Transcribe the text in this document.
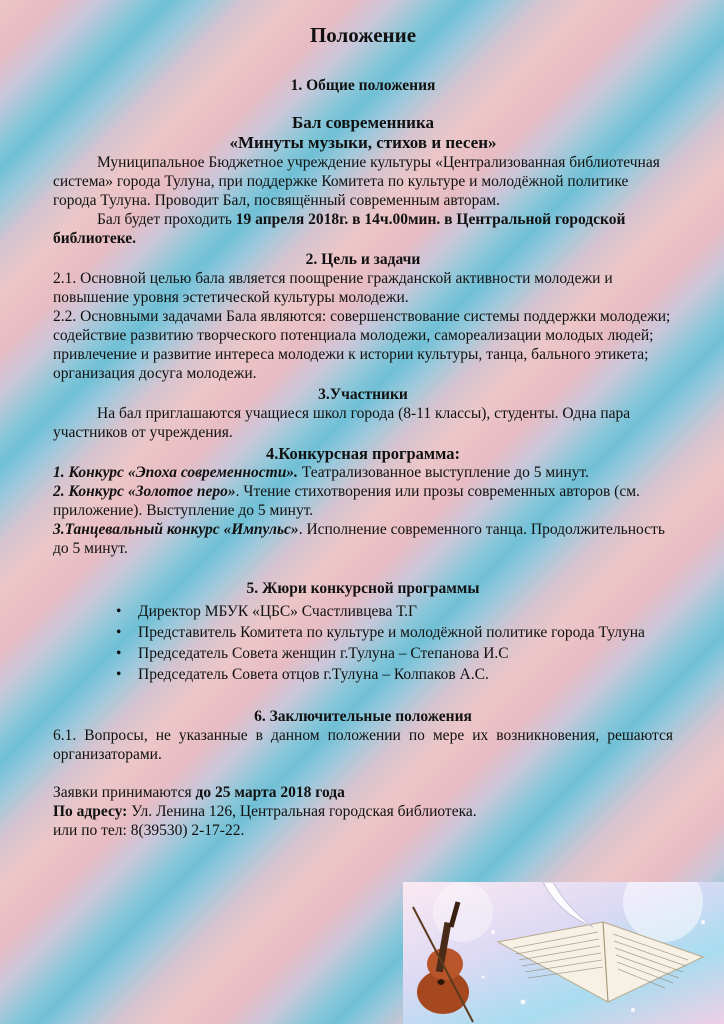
Положение
1. Общие положения
Бал современника
«Минуты музыки, стихов и песен»

Муниципальное Бюджетное учреждение культуры «Централизованная библиотечная система» города Тулуна, при поддержке Комитета по культуре и молодёжной политике города Тулуна. Проводит Бал, посвящённый современным авторам.

Бал будет проходить 19 апреля 2018г. в 14ч.00мин. в Центральной городской библиотеке.

2. Цель и задачи

2.1. Основной целью бала является поощрение гражданской активности молодежи и повышение уровня эстетической культуры молодежи.

2.2. Основными задачами Бала являются: совершенствование системы поддержки молодежи; содействие развитию творческого потенциала молодежи, самореализации молодых людей; привлечение и развитие интереса молодежи к истории культуры, танца, бального этикета; организация досуга молодежи.

3.Участники

На бал приглашаются учащиеся школ города (8-11 классы), студенты. Одна пара участников от учреждения.

4.Конкурсная программа:

1. Конкурс «Эпоха современности». Театрализованное выступление до 5 минут.

2. Конкурс «Золотое перо». Чтение стихотворения или прозы современных авторов (см. приложение). Выступление до 5 минут.

3.Танцевальный конкурс «Импульс». Исполнение современного танца. Продолжительность до 5 минут.

5. Жюри конкурсной программы
• Директор МБУК «ЦБС» Счастливцева Т.Г
• Представитель Комитета по культуре и молодёжной политике города Тулуна
• Председатель Совета женщин г.Тулуна – Степанова И.С
• Председатель Совета отцов г.Тулуна – Колпаков А.С.
6. Заключительные положения

6.1. Вопросы, не указанные в данном положении по мере их возникновения, решаются организаторами.

Заявки принимаются до 25 марта 2018 года

По адресу: Ул. Ленина 126, Центральная городская библиотека.

или по тел: 8(39530) 2-17-22.
